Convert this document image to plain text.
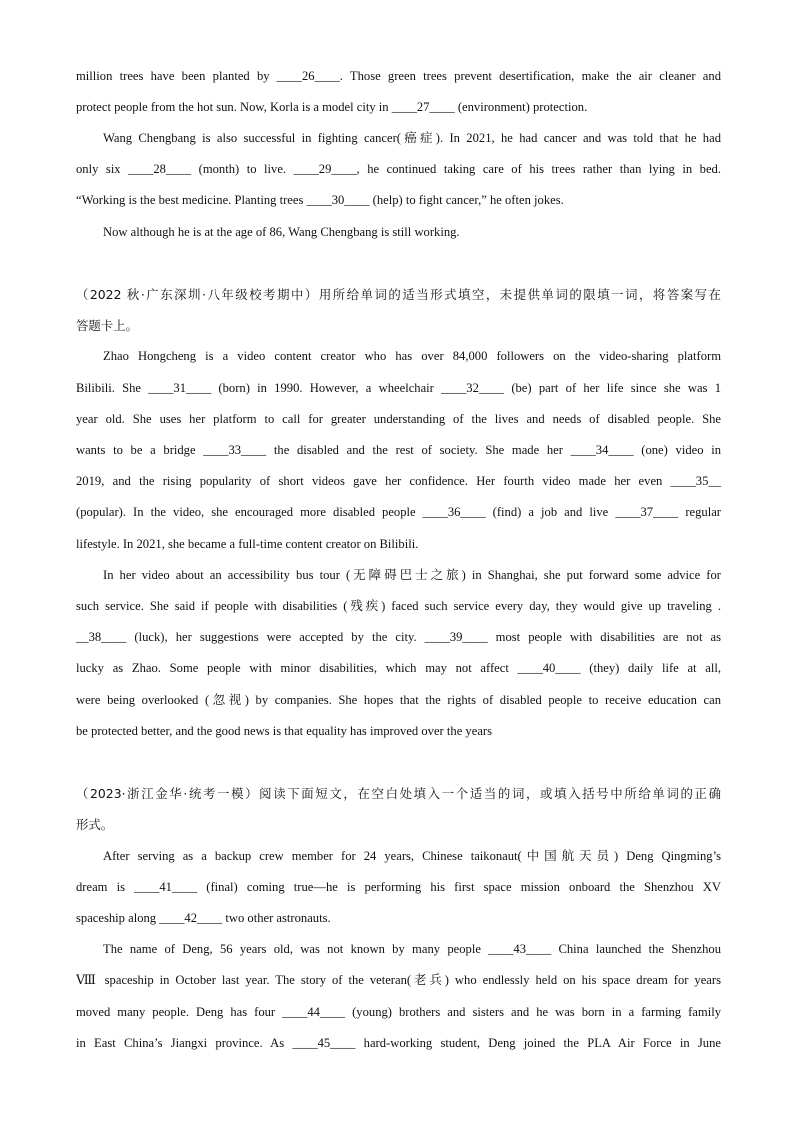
million trees have been planted by ____26____. Those green trees prevent desertification, make the air cleaner and
protect people from the hot sun. Now, Korla is a model city in ____27____ (environment) protection.
Wang Chengbang is also successful in fighting cancer(癌症). In 2021, he had cancer and was told that he had
only six ____28____ (month) to live. ____29____, he continued taking care of his trees rather than lying in bed.
“Working is the best medicine. Planting trees ____30____ (help) to fight cancer,” he often jokes.
Now although he is at the age of 86, Wang Chengbang is still working.
（2022 秋·广东深圳·八年级校考期中）用所给单词的适当形式填空，未提供单词的限填一词，将答案写在
答题卡上。
Zhao Hongcheng is a video content creator who has over 84,000 followers on the video-sharing platform
Bilibili. She ____31____ (born) in 1990. However, a wheelchair ____32____ (be) part of her life since she was 1
year old. She uses her platform to call for greater understanding of the lives and needs of disabled people. She
wants to be a bridge ____33____ the disabled and the rest of society. She made her ____34____ (one) video in
2019, and the rising popularity of short videos gave her confidence. Her fourth video made her even ____35__
(popular). In the video, she encouraged more disabled people ____36____ (find) a job and live ____37____ regular
lifestyle. In 2021, she became a full-time content creator on Bilibili.
In her video about an accessibility bus tour (无障碍巴士之旅) in Shanghai, she put forward some advice for
such service. She said if people with disabilities (残疾) faced such service every day, they would give up traveling .
__38____ (luck), her suggestions were accepted by the city. ____39____ most people with disabilities are not as
lucky as Zhao. Some people with minor disabilities, which may not affect ____40____ (they) daily life at all,
were being overlooked (忽视) by companies. She hopes that the rights of disabled people to receive education can
be protected better, and the good news is that equality has improved over the years
（2023·浙江金华·统考一模）阅读下面短文，在空白处填入一个适当的词，或填入括号中所给单词的正确
形式。
After serving as a backup crew member for 24 years, Chinese taikonaut(中国航天员) Deng Qingming’s
dream is ____41____ (final) coming true—he is performing his first space mission onboard the Shenzhou XV
spaceship along ____42____ two other astronauts.
The name of Deng, 56 years old, was not known by many people ____43____ China launched the Shenzhou
Ⅷ spaceship in October last year. The story of the veteran(老兵) who endlessly held on his space dream for years
moved many people. Deng has four ____44____ (young) brothers and sisters and he was born in a farming family
in East China’s Jiangxi province. As ____45____ hard-working student, Deng joined the PLA Air Force in June
